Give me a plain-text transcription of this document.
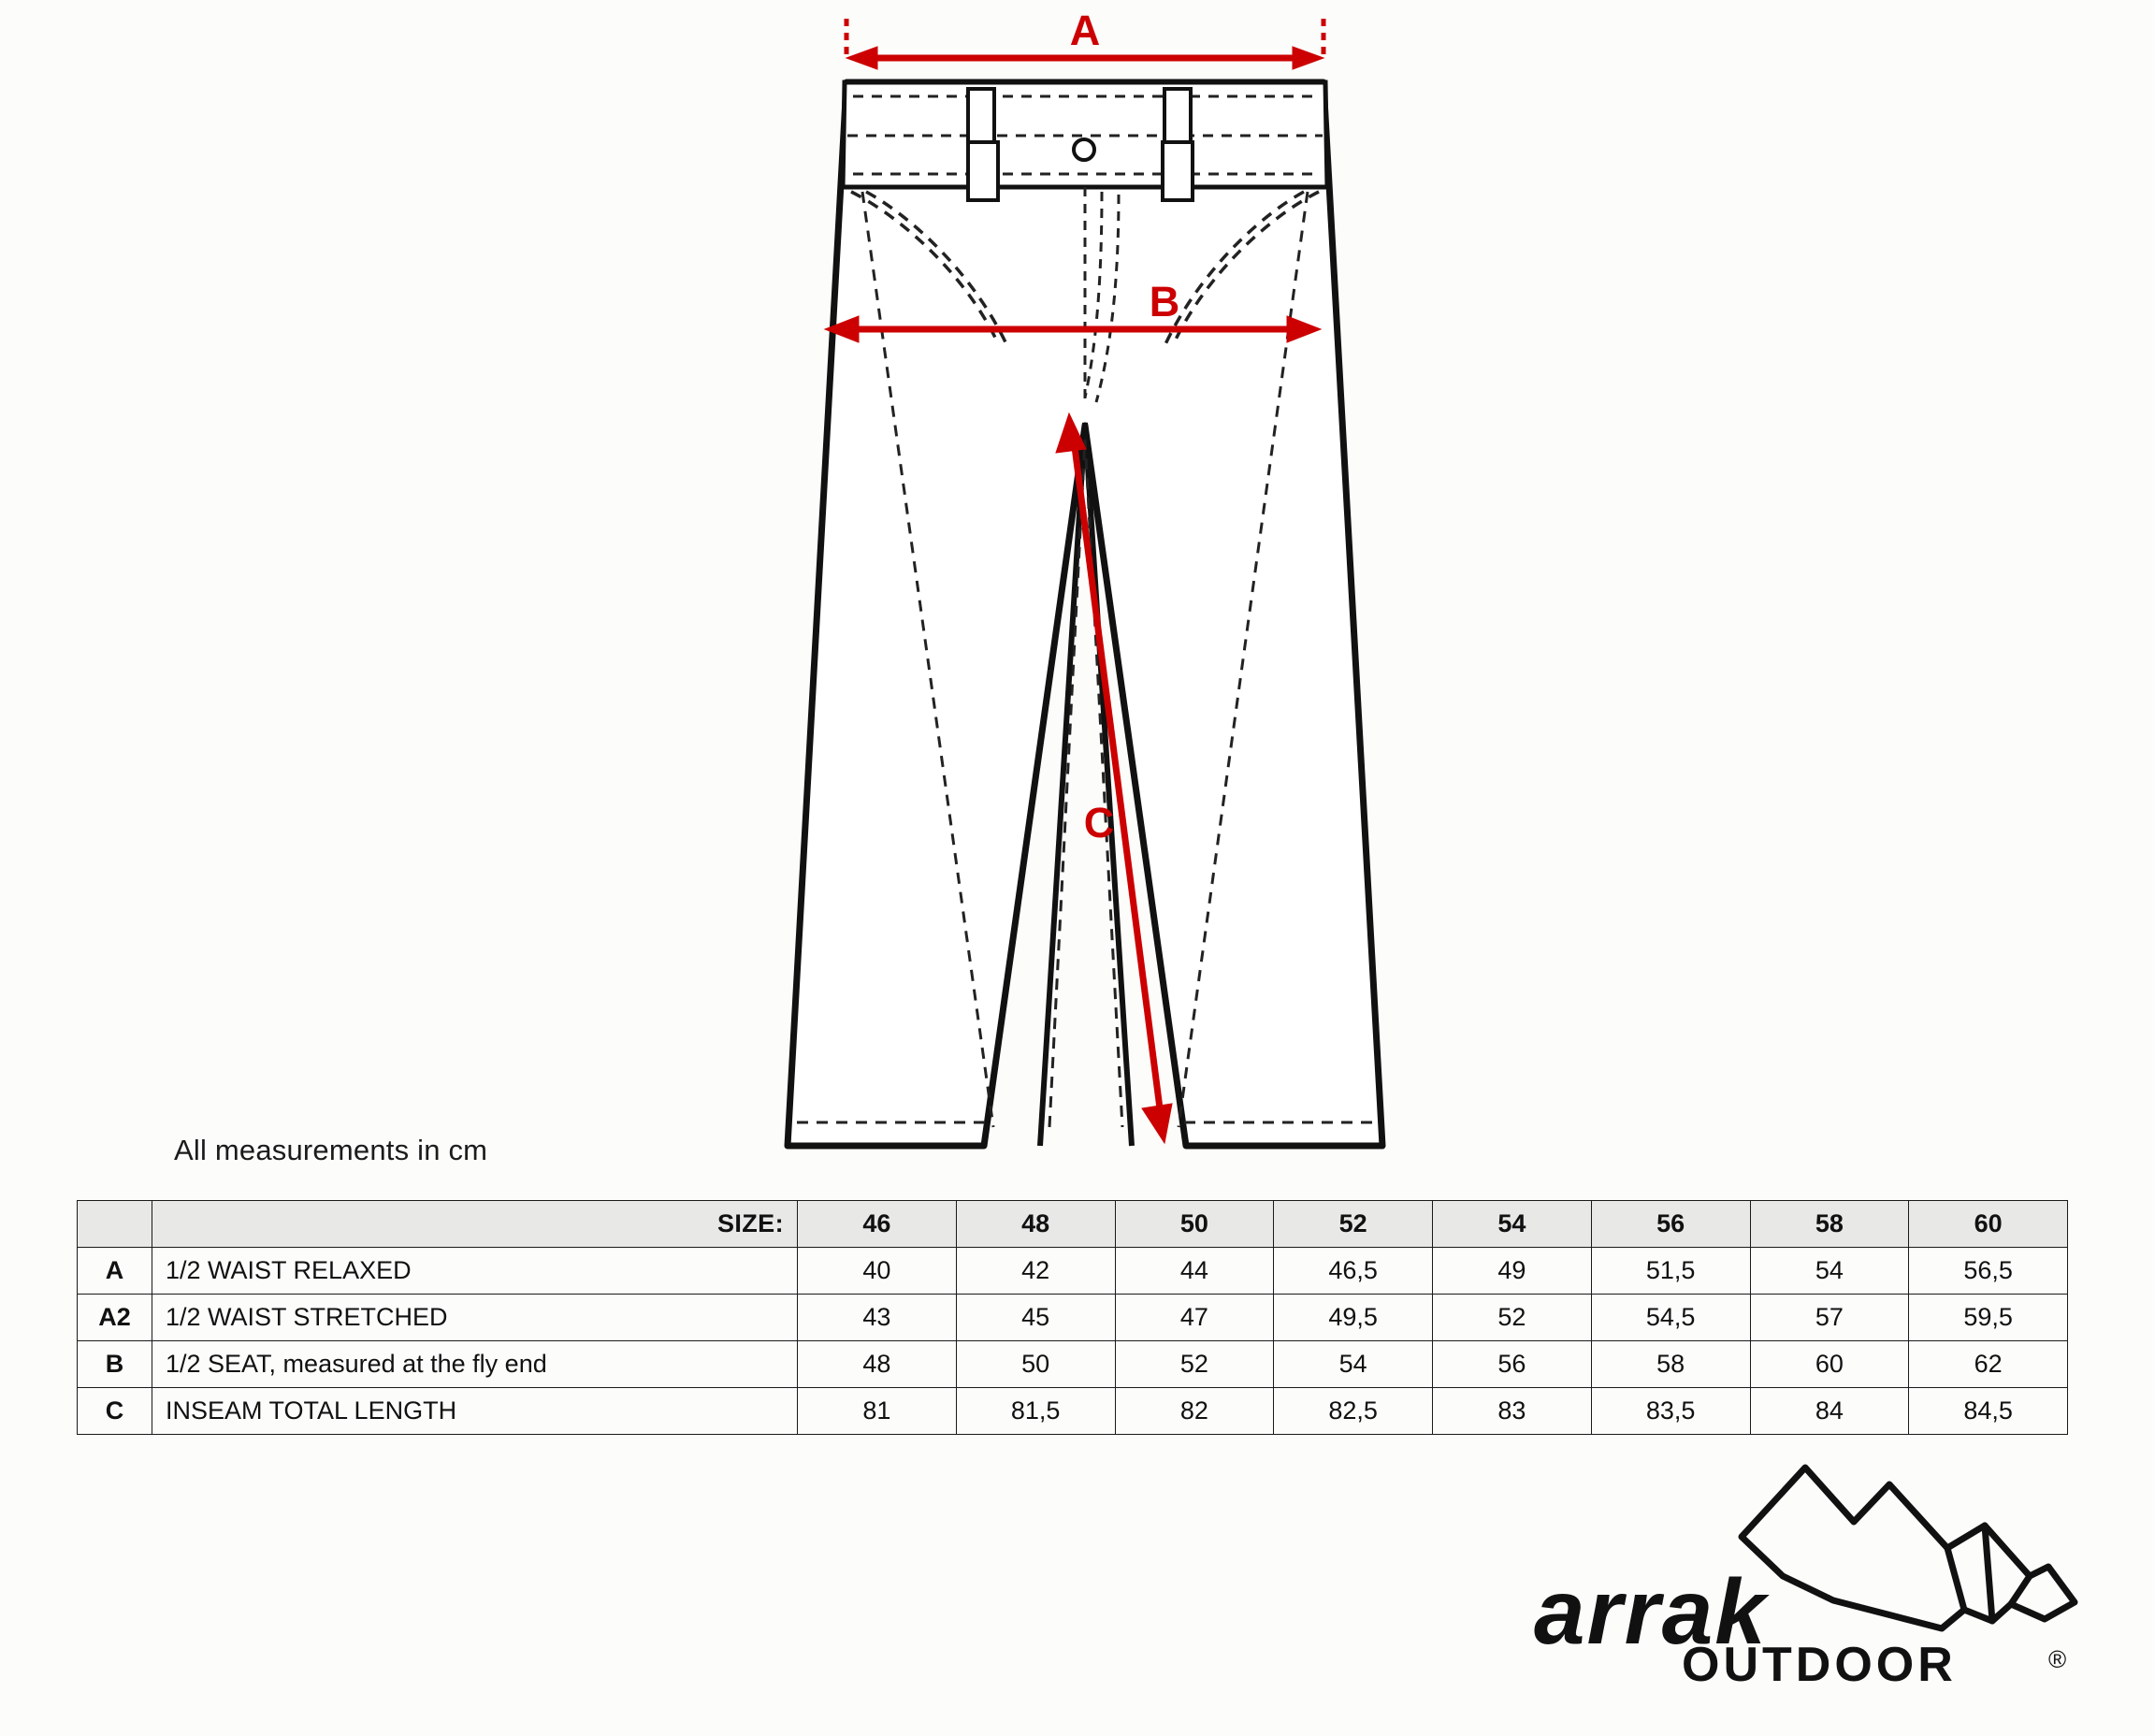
A
B
C
All measurements in cm
	SIZE:	46	48	50	52	54	56	58	60
A	1/2 WAIST RELAXED	40	42	44	46,5	49	51,5	54	56,5
A2	1/2 WAIST STRETCHED	43	45	47	49,5	52	54,5	57	59,5
B	1/2 SEAT, measured at the fly end	48	50	52	54	56	58	60	62
C	INSEAM TOTAL LENGTH	81	81,5	82	82,5	83	83,5	84	84,5
arrak
OUTDOOR	®
